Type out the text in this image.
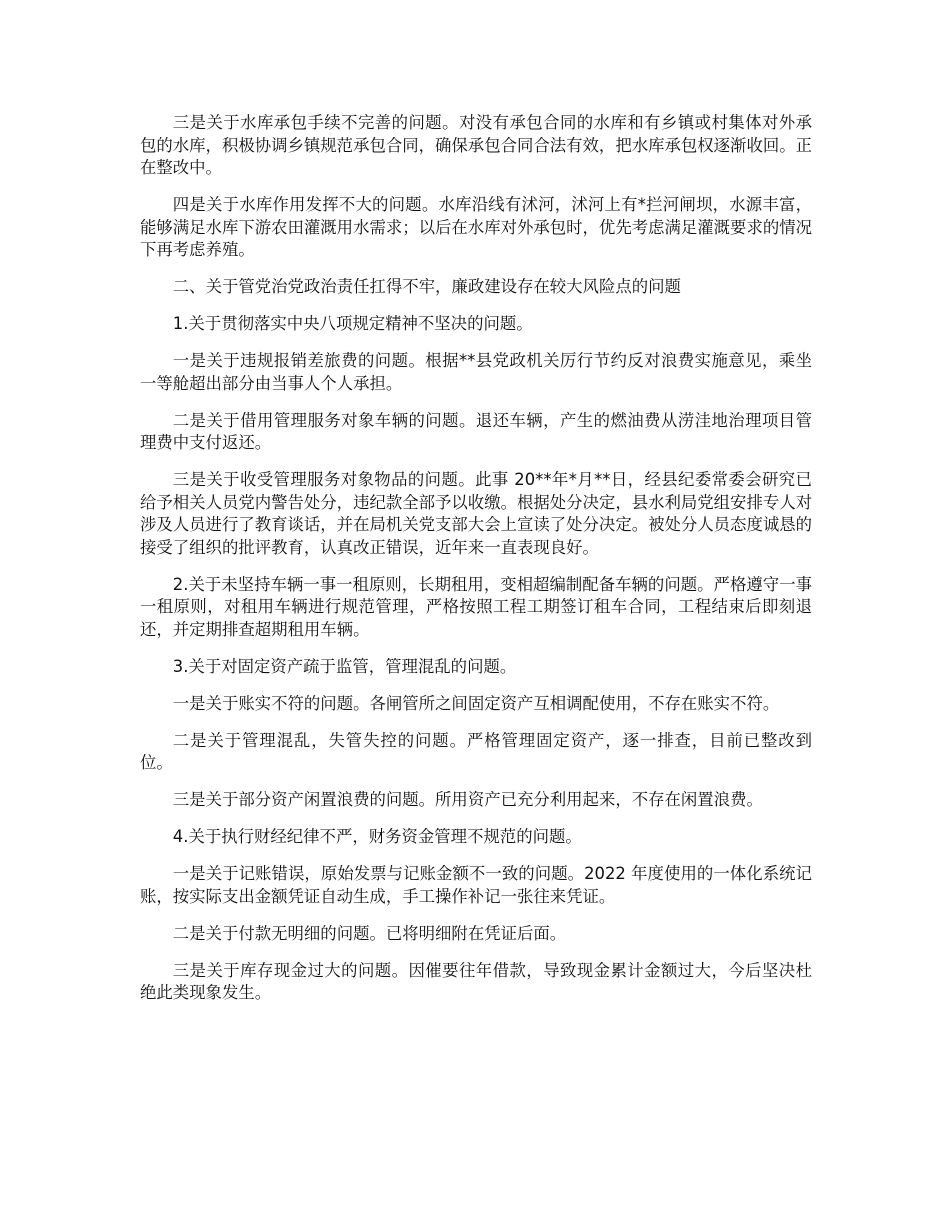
三是关于水库承包手续不完善的问题。对没有承包合同的水库和有乡镇或村集体对外承包的水库，积极协调乡镇规范承包合同，确保承包合同合法有效，把水库承包权逐渐收回。正在整改中。

四是关于水库作用发挥不大的问题。水库沿线有沭河，沭河上有*拦河闸坝，水源丰富，能够满足水库下游农田灌溉用水需求；以后在水库对外承包时，优先考虑满足灌溉要求的情况下再考虑养殖。

二、关于管党治党政治责任扛得不牢，廉政建设存在较大风险点的问题

1.关于贯彻落实中央八项规定精神不坚决的问题。

一是关于违规报销差旅费的问题。根据**县党政机关厉行节约反对浪费实施意见，乘坐一等舱超出部分由当事人个人承担。

二是关于借用管理服务对象车辆的问题。退还车辆，产生的燃油费从涝洼地治理项目管理费中支付返还。

三是关于收受管理服务对象物品的问题。此事 20**年*月**日，经县纪委常委会研究已给予相关人员党内警告处分，违纪款全部予以收缴。根据处分决定，县水利局党组安排专人对涉及人员进行了教育谈话，并在局机关党支部大会上宣读了处分决定。被处分人员态度诚恳的接受了组织的批评教育，认真改正错误，近年来一直表现良好。

2.关于未坚持车辆一事一租原则，长期租用，变相超编制配备车辆的问题。严格遵守一事一租原则，对租用车辆进行规范管理，严格按照工程工期签订租车合同，工程结束后即刻退还，并定期排查超期租用车辆。

3.关于对固定资产疏于监管，管理混乱的问题。

一是关于账实不符的问题。各闸管所之间固定资产互相调配使用，不存在账实不符。

二是关于管理混乱，失管失控的问题。严格管理固定资产，逐一排查，目前已整改到位。

三是关于部分资产闲置浪费的问题。所用资产已充分利用起来，不存在闲置浪费。

4.关于执行财经纪律不严，财务资金管理不规范的问题。

一是关于记账错误，原始发票与记账金额不一致的问题。2022 年度使用的一体化系统记账，按实际支出金额凭证自动生成，手工操作补记一张往来凭证。

二是关于付款无明细的问题。已将明细附在凭证后面。

三是关于库存现金过大的问题。因催要往年借款，导致现金累计金额过大，今后坚决杜绝此类现象发生。
